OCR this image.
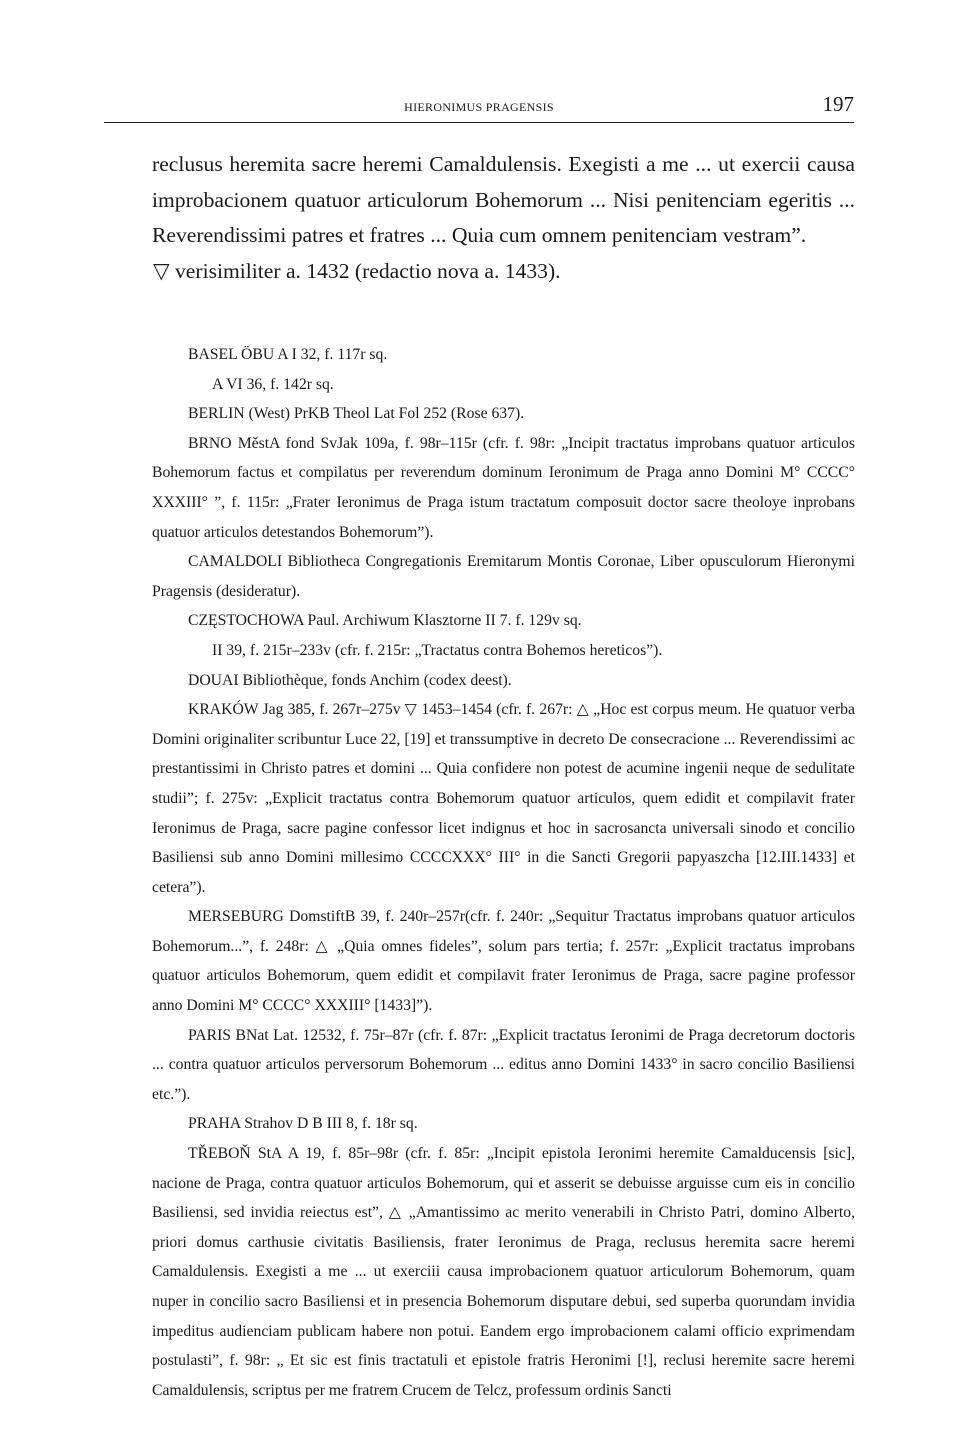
HIERONIMUS PRAGENSIS	197

reclusus heremita sacre heremi Camaldulensis. Exegisti a me ... ut exercii causa improbacionem quatuor articulorum Bohemorum ... Nisi penitenciam egeritis ... Reverendissimi patres et fratres ... Quia cum omnem penitenciam vestram”.

▽ verisimiliter a. 1432 (redactio nova a. 1433).

BASEL ÖBU A I 32, f. 117r sq.

A VI 36, f. 142r sq.

BERLIN (West) PrKB Theol Lat Fol 252 (Rose 637).

BRNO MěstA fond SvJak 109a, f. 98r–115r (cfr. f. 98r: „Incipit tractatus improbans quatuor articulos Bohemorum factus et compilatus per reverendum dominum Ieronimum de Praga anno Domini M° CCCC° XXXIII° ”, f. 115r: „Frater Ieronimus de Praga istum tractatum composuit doctor sacre theoloye inprobans quatuor articulos detestandos Bohemorum”).

CAMALDOLI Bibliotheca Congregationis Eremitarum Montis Coronae, Liber opusculorum Hieronymi Pragensis (desideratur).

CZĘSTOCHOWA Paul. Archiwum Klasztorne II 7. f. 129v sq.

II 39, f. 215r–233v (cfr. f. 215r: „Tractatus contra Bohemos hereticos”).

DOUAI Bibliothèque, fonds Anchim (codex deest).

KRAKÓW Jag 385, f. 267r–275v ▽ 1453–1454 (cfr. f. 267r: △ „Hoc est corpus meum. He quatuor verba Domini originaliter scribuntur Luce 22, [19] et transsumptive in decreto De consecracione ... Reverendissimi ac prestantissimi in Christo patres et domini ... Quia confidere non potest de acumine ingenii neque de sedulitate studii”; f. 275v: „Explicit tractatus contra Bohemorum quatuor articulos, quem edidit et compilavit frater Ieronimus de Praga, sacre pagine confessor licet indignus et hoc in sacrosancta universali sinodo et concilio Basiliensi sub anno Domini millesimo CCCCXXX° III° in die Sancti Gregorii papyaszcha [12.III.1433] et cetera”).

MERSEBURG DomstiftB 39, f. 240r–257r(cfr. f. 240r: „Sequitur Tractatus improbans quatuor articulos Bohemorum...”, f. 248r: △ „Quia omnes fideles”, solum pars tertia; f. 257r: „Explicit tractatus improbans quatuor articulos Bohemorum, quem edidit et compilavit frater Ieronimus de Praga, sacre pagine professor anno Domini M° CCCC° XXXIII° [1433]”).

PARIS BNat Lat. 12532, f. 75r–87r (cfr. f. 87r: „Explicit tractatus Ieronimi de Praga decretorum doctoris ... contra quatuor articulos perversorum Bohemorum ... editus anno Domini 1433° in sacro concilio Basiliensi etc.”).

PRAHA Strahov D B III 8, f. 18r sq.

TŘEBOŇ StA A 19, f. 85r–98r (cfr. f. 85r: „Incipit epistola Ieronimi heremite Camalducensis [sic], nacione de Praga, contra quatuor articulos Bohemorum, qui et asserit se debuisse arguisse cum eis in concilio Basiliensi, sed invidia reiectus est”, △ „Amantissimo ac merito venerabili in Christo Patri, domino Alberto, priori domus carthusie civitatis Basiliensis, frater Ieronimus de Praga, reclusus heremita sacre heremi Camaldulensis. Exegisti a me ... ut exerciii causa improbacionem quatuor articulorum Bohemorum, quam nuper in concilio sacro Basiliensi et in presencia Bohemorum disputare debui, sed superba quorundam invidia impeditus audienciam publicam habere non potui. Eandem ergo improbacionem calami officio exprimendam postulasti”, f. 98r: „ Et sic est finis tractatuli et epistole fratris Heronimi [!], reclusi heremite sacre heremi Camaldulensis, scriptus per me fratrem Crucem de Telcz, professum ordinis Sancti
